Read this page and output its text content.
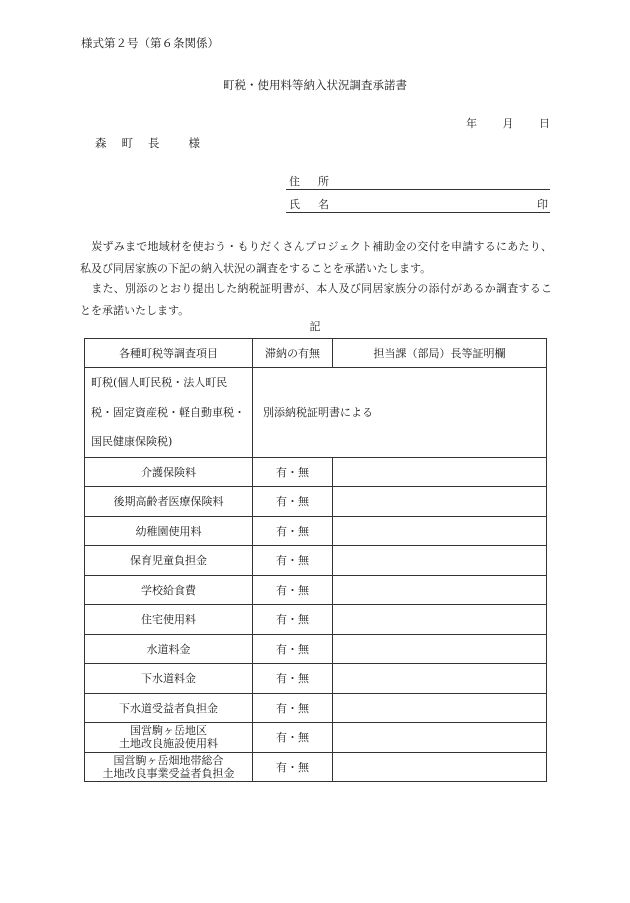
様式第２号（第６条関係）
町税・使用料等納入状況調査承諾書
年 月 日
森 町 長 様
住 所
氏 名	印
　炭ずみまで地域材を使おう・もりだくさんプロジェクト補助金の交付を申請するにあたり、私及び同居家族の下記の納入状況の調査をすることを承諾いたします。
　また、別添のとおり提出した納税証明書が、本人及び同居家族分の添付があるか調査することを承諾いたします。
記
各種町税等調査項目	滞納の有無	担当課（部局）長等証明欄

町税(個人町民税・法人町民
税・固定資産税・軽自動車税・
国民健康保険税)	別添納税証明書による	
介護保険料	有・無	
後期高齢者医療保険料	有・無	
幼稚園使用料	有・無	
保育児童負担金	有・無	
学校給食費	有・無	
住宅使用料	有・無	
水道料金	有・無	
下水道料金	有・無	
下水道受益者負担金	有・無	

国営駒ヶ岳地区
土地改良施設使用料	有・無	

国営駒ヶ岳畑地帯総合
土地改良事業受益者負担金	有・無	
